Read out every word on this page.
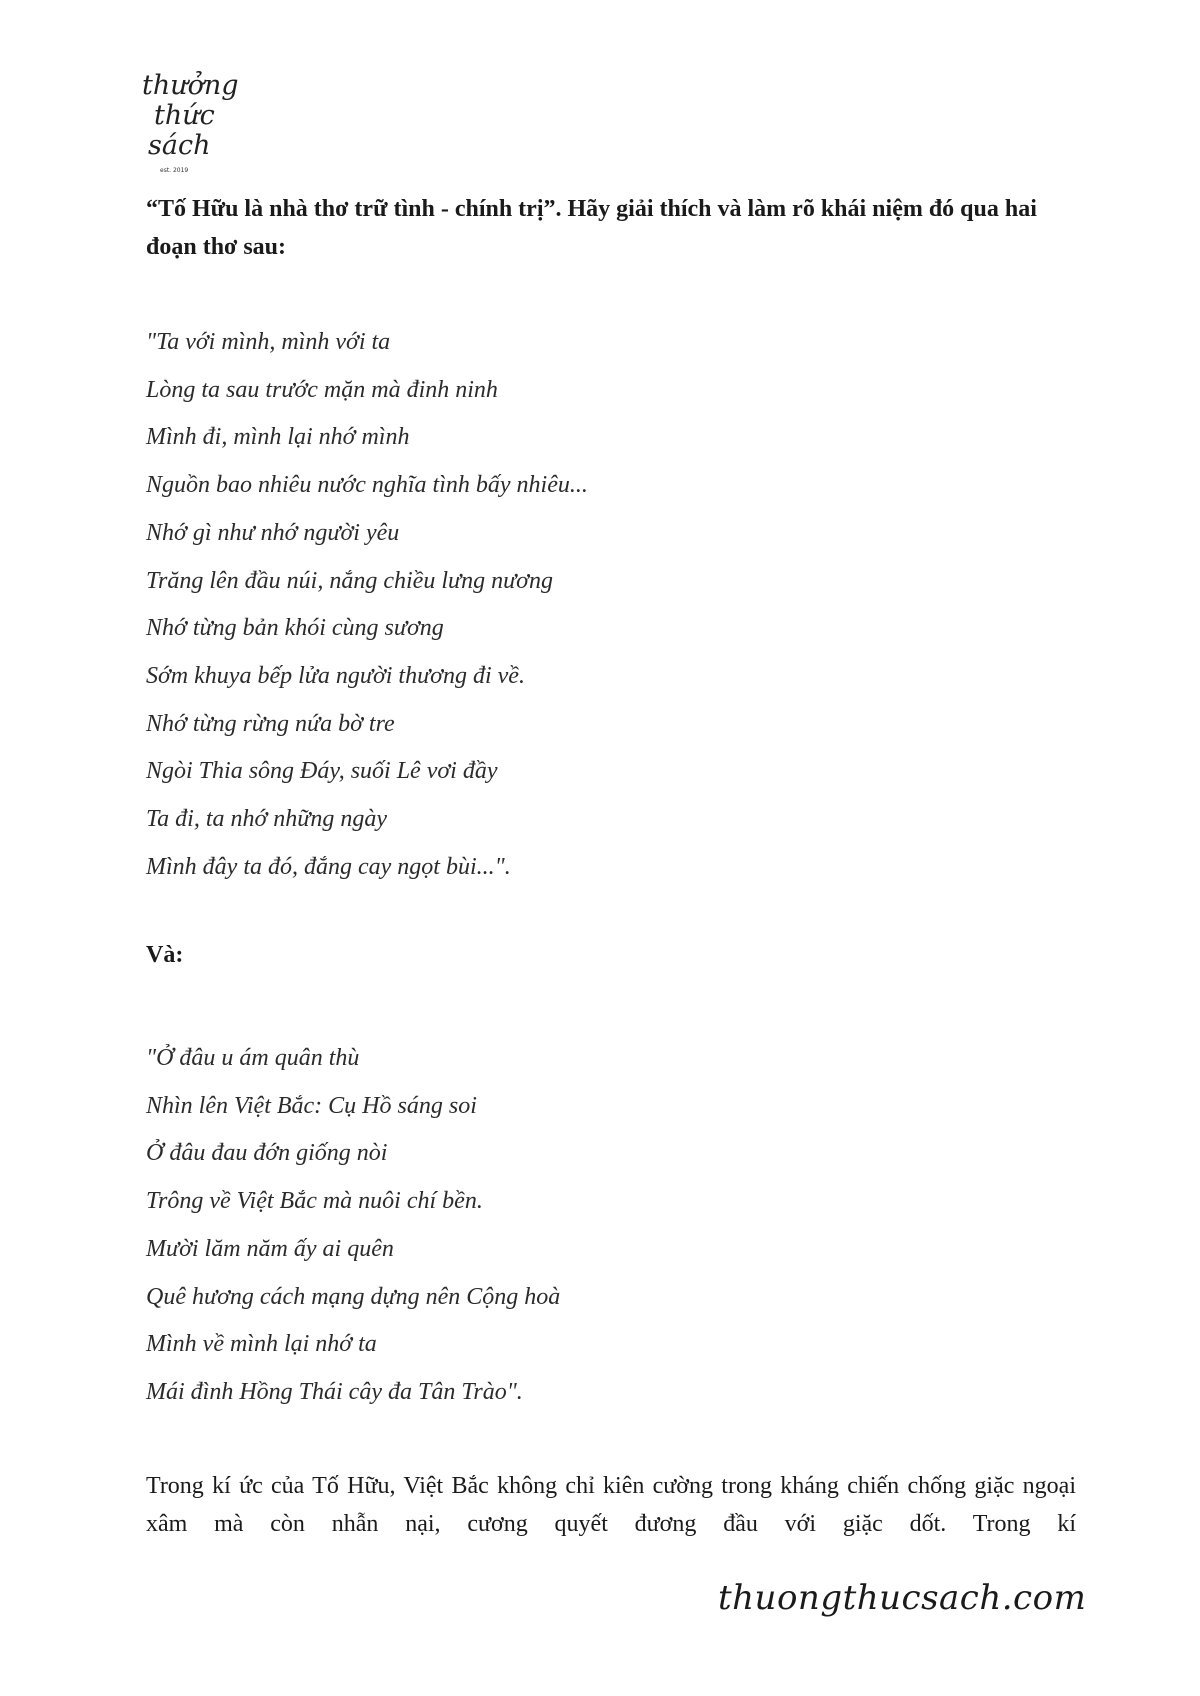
thưởng
thức
sách
est. 2019

“Tố Hữu là nhà thơ trữ tình - chính trị”. Hãy giải thích và làm rõ khái niệm đó qua hai đoạn thơ sau:

"Ta với mình, mình với ta
Lòng ta sau trước mặn mà đinh ninh
Mình đi, mình lại nhớ mình
Nguồn bao nhiêu nước nghĩa tình bấy nhiêu...
Nhớ gì như nhớ người yêu
Trăng lên đầu núi, nắng chiều lưng nương
Nhớ từng bản khói cùng sương
Sớm khuya bếp lửa người thương đi về.
Nhớ từng rừng nứa bờ tre
Ngòi Thia sông Đáy, suối Lê vơi đầy
Ta đi, ta nhớ những ngày
Mình đây ta đó, đắng cay ngọt bùi...".

Và:

"Ở đâu u ám quân thù
Nhìn lên Việt Bắc: Cụ Hồ sáng soi
Ở đâu đau đớn giống nòi
Trông về Việt Bắc mà nuôi chí bền.
Mười lăm năm ấy ai quên
Quê hương cách mạng dựng nên Cộng hoà
Mình về mình lại nhớ ta
Mái đình Hồng Thái cây đa Tân Trào".

Trong kí ức của Tố Hữu, Việt Bắc không chỉ kiên cường trong kháng chiến chống giặc ngoại xâm mà còn nhẫn nại, cương quyết đương đầu với giặc dốt. Trong kí

thuongthucsach.com
